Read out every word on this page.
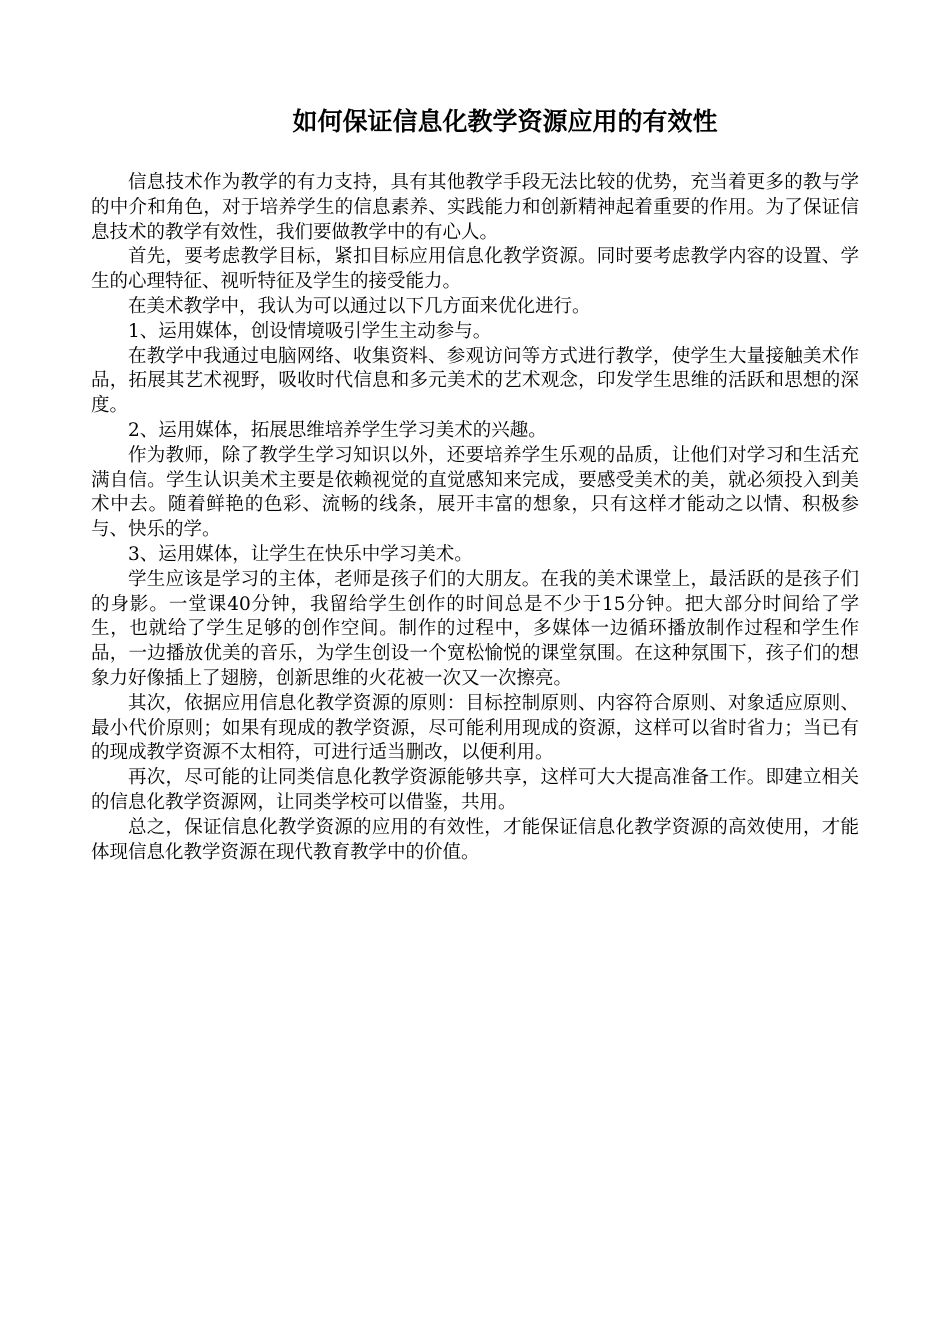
如何保证信息化教学资源应用的有效性

信息技术作为教学的有力支持，具有其他教学手段无法比较的优势，充当着更多的教与学的中介和角色，对于培养学生的信息素养、实践能力和创新精神起着重要的作用。为了保证信息技术的教学有效性，我们要做教学中的有心人。

首先，要考虑教学目标，紧扣目标应用信息化教学资源。同时要考虑教学内容的设置、学生的心理特征、视听特征及学生的接受能力。

在美术教学中，我认为可以通过以下几方面来优化进行。

1、运用媒体，创设情境吸引学生主动参与。

在教学中我通过电脑网络、收集资料、参观访问等方式进行教学，使学生大量接触美术作品，拓展其艺术视野，吸收时代信息和多元美术的艺术观念，印发学生思维的活跃和思想的深度。

2、运用媒体，拓展思维培养学生学习美术的兴趣。

作为教师，除了教学生学习知识以外，还要培养学生乐观的品质，让他们对学习和生活充满自信。学生认识美术主要是依赖视觉的直觉感知来完成，要感受美术的美，就必须投入到美术中去。随着鲜艳的色彩、流畅的线条，展开丰富的想象，只有这样才能动之以情、积极参与、快乐的学。

3、运用媒体，让学生在快乐中学习美术。

学生应该是学习的主体，老师是孩子们的大朋友。在我的美术课堂上，最活跃的是孩子们的身影。一堂课40分钟，我留给学生创作的时间总是不少于15分钟。把大部分时间给了学生，也就给了学生足够的创作空间。制作的过程中，多媒体一边循环播放制作过程和学生作品，一边播放优美的音乐，为学生创设一个宽松愉悦的课堂氛围。在这种氛围下，孩子们的想象力好像插上了翅膀，创新思维的火花被一次又一次擦亮。

其次，依据应用信息化教学资源的原则：目标控制原则、内容符合原则、对象适应原则、最小代价原则；如果有现成的教学资源，尽可能利用现成的资源，这样可以省时省力；当已有的现成教学资源不太相符，可进行适当删改，以便利用。

再次，尽可能的让同类信息化教学资源能够共享，这样可大大提高准备工作。即建立相关的信息化教学资源网，让同类学校可以借鉴，共用。

总之，保证信息化教学资源的应用的有效性，才能保证信息化教学资源的高效使用，才能体现信息化教学资源在现代教育教学中的价值。
